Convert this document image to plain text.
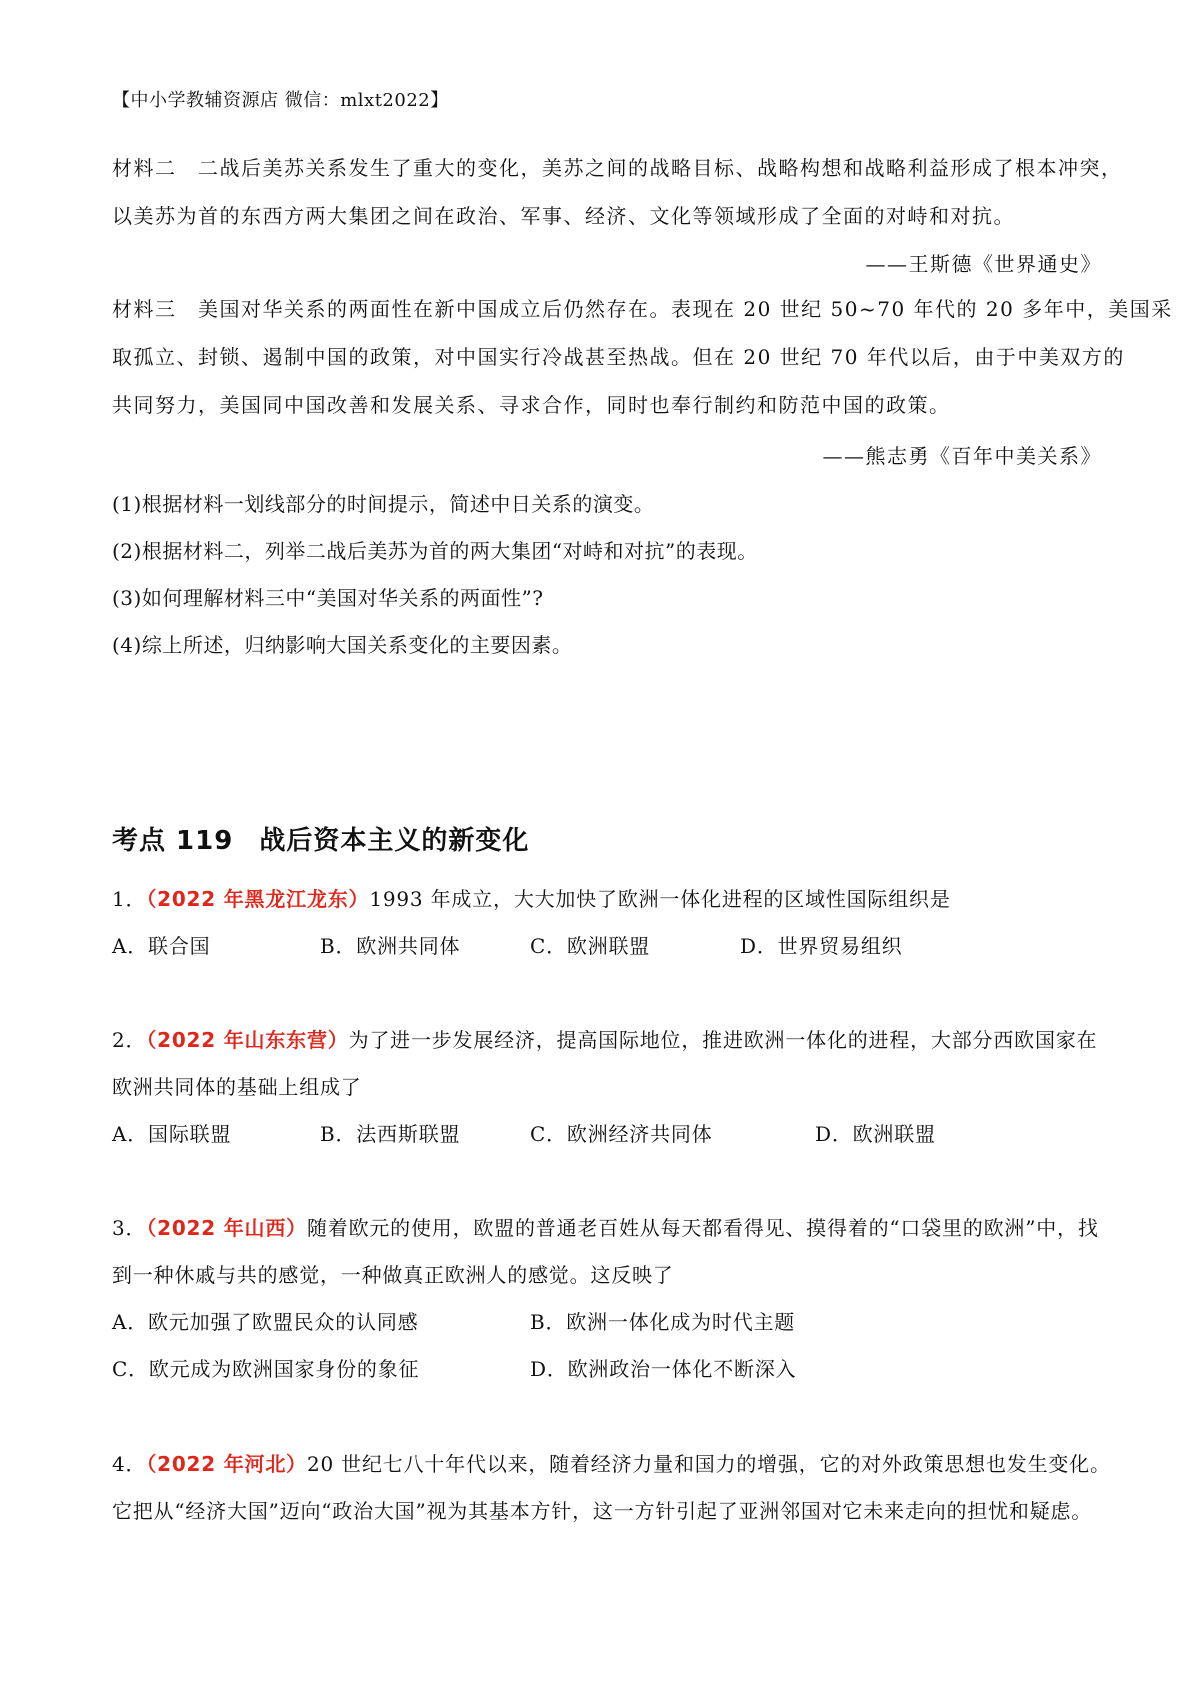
【中小学教辅资源店 微信：mlxt2022】
材料二　二战后美苏关系发生了重大的变化，美苏之间的战略目标、战略构想和战略利益形成了根本冲突，
以美苏为首的东西方两大集团之间在政治、军事、经济、文化等领域形成了全面的对峙和对抗。
——王斯德《世界通史》
材料三　美国对华关系的两面性在新中国成立后仍然存在。表现在 20 世纪 50~70 年代的 20 多年中，美国采
取孤立、封锁、遏制中国的政策，对中国实行冷战甚至热战。但在 20 世纪 70 年代以后，由于中美双方的
共同努力，美国同中国改善和发展关系、寻求合作，同时也奉行制约和防范中国的政策。
——熊志勇《百年中美关系》
(1)根据材料一划线部分的时间提示，简述中日关系的演变。
(2)根据材料二，列举二战后美苏为首的两大集团“对峙和对抗”的表现。
(3)如何理解材料三中“美国对华关系的两面性”?
(4)综上所述，归纳影响大国关系变化的主要因素。
考点 119 战后资本主义的新变化
1．（2022 年黑龙江龙东）1993 年成立，大大加快了欧洲一体化进程的区域性国际组织是
A．联合国	B．欧洲共同体	C．欧洲联盟	D．世界贸易组织
2．（2022 年山东东营）为了进一步发展经济，提高国际地位，推进欧洲一体化的进程，大部分西欧国家在
欧洲共同体的基础上组成了
A．国际联盟	B．法西斯联盟	C．欧洲经济共同体	D．欧洲联盟
3．（2022 年山西）随着欧元的使用，欧盟的普通老百姓从每天都看得见、摸得着的“口袋里的欧洲”中，找
到一种休戚与共的感觉，一种做真正欧洲人的感觉。这反映了
A．欧元加强了欧盟民众的认同感	B．欧洲一体化成为时代主题
C．欧元成为欧洲国家身份的象征	D．欧洲政治一体化不断深入
4．（2022 年河北）20 世纪七八十年代以来，随着经济力量和国力的增强，它的对外政策思想也发生变化。
它把从“经济大国”迈向“政治大国”视为其基本方针，这一方针引起了亚洲邻国对它未来走向的担忧和疑虑。
